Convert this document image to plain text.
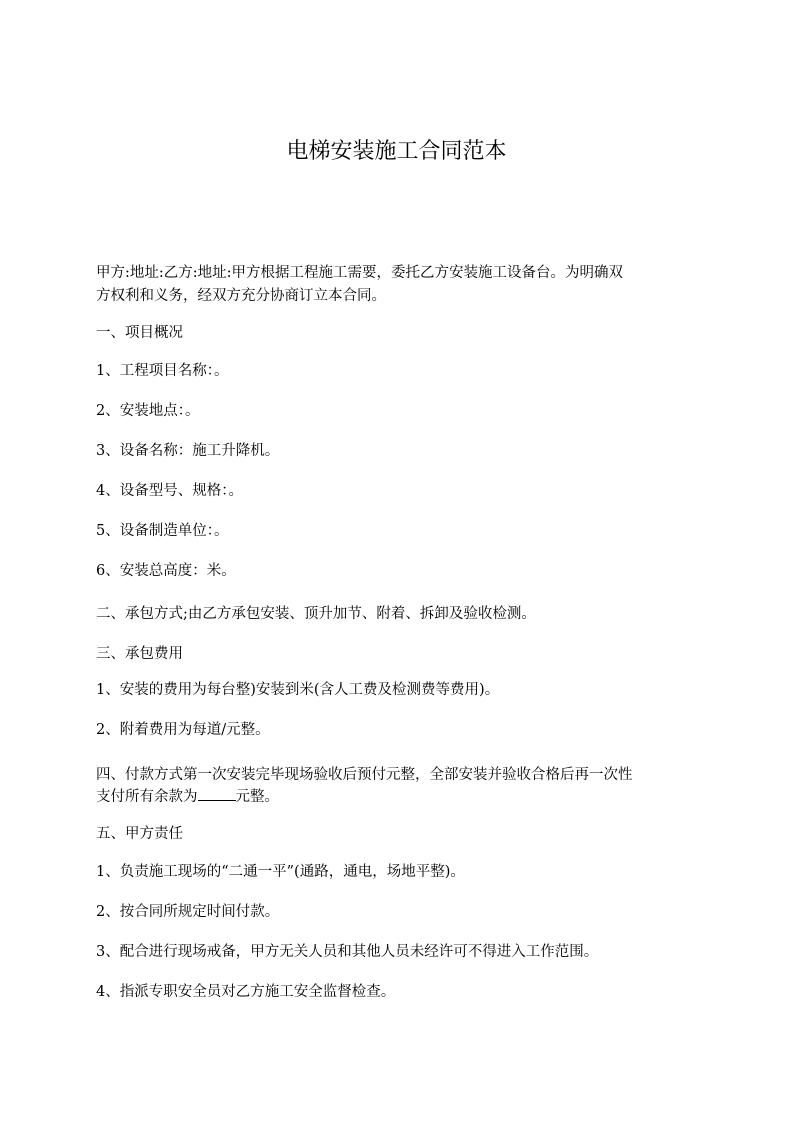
电梯安装施工合同范本

甲方:地址:乙方:地址:甲方根据工程施工需要，委托乙方安装施工设备台。为明确双

方权利和义务，经双方充分协商订立本合同。

一、项目概况

1、工程项目名称：。

2、安装地点：。

3、设备名称：施工升降机。

4、设备型号、规格：。

5、设备制造单位：。

6、安装总高度：米。

二、承包方式;由乙方承包安装、顶升加节、附着、拆卸及验收检测。

三、承包费用

1、安装的费用为每台整)安装到米(含人工费及检测费等费用)。

2、附着费用为每道/元整。

四、付款方式第一次安装完毕现场验收后预付元整，全部安装并验收合格后再一次性

支付所有余款为	元整。

五、甲方责任

1、负责施工现场的“二通一平”(通路，通电，场地平整)。

2、按合同所规定时间付款。

3、配合进行现场戒备，甲方无关人员和其他人员未经许可不得进入工作范围。

4、指派专职安全员对乙方施工安全监督检查。
